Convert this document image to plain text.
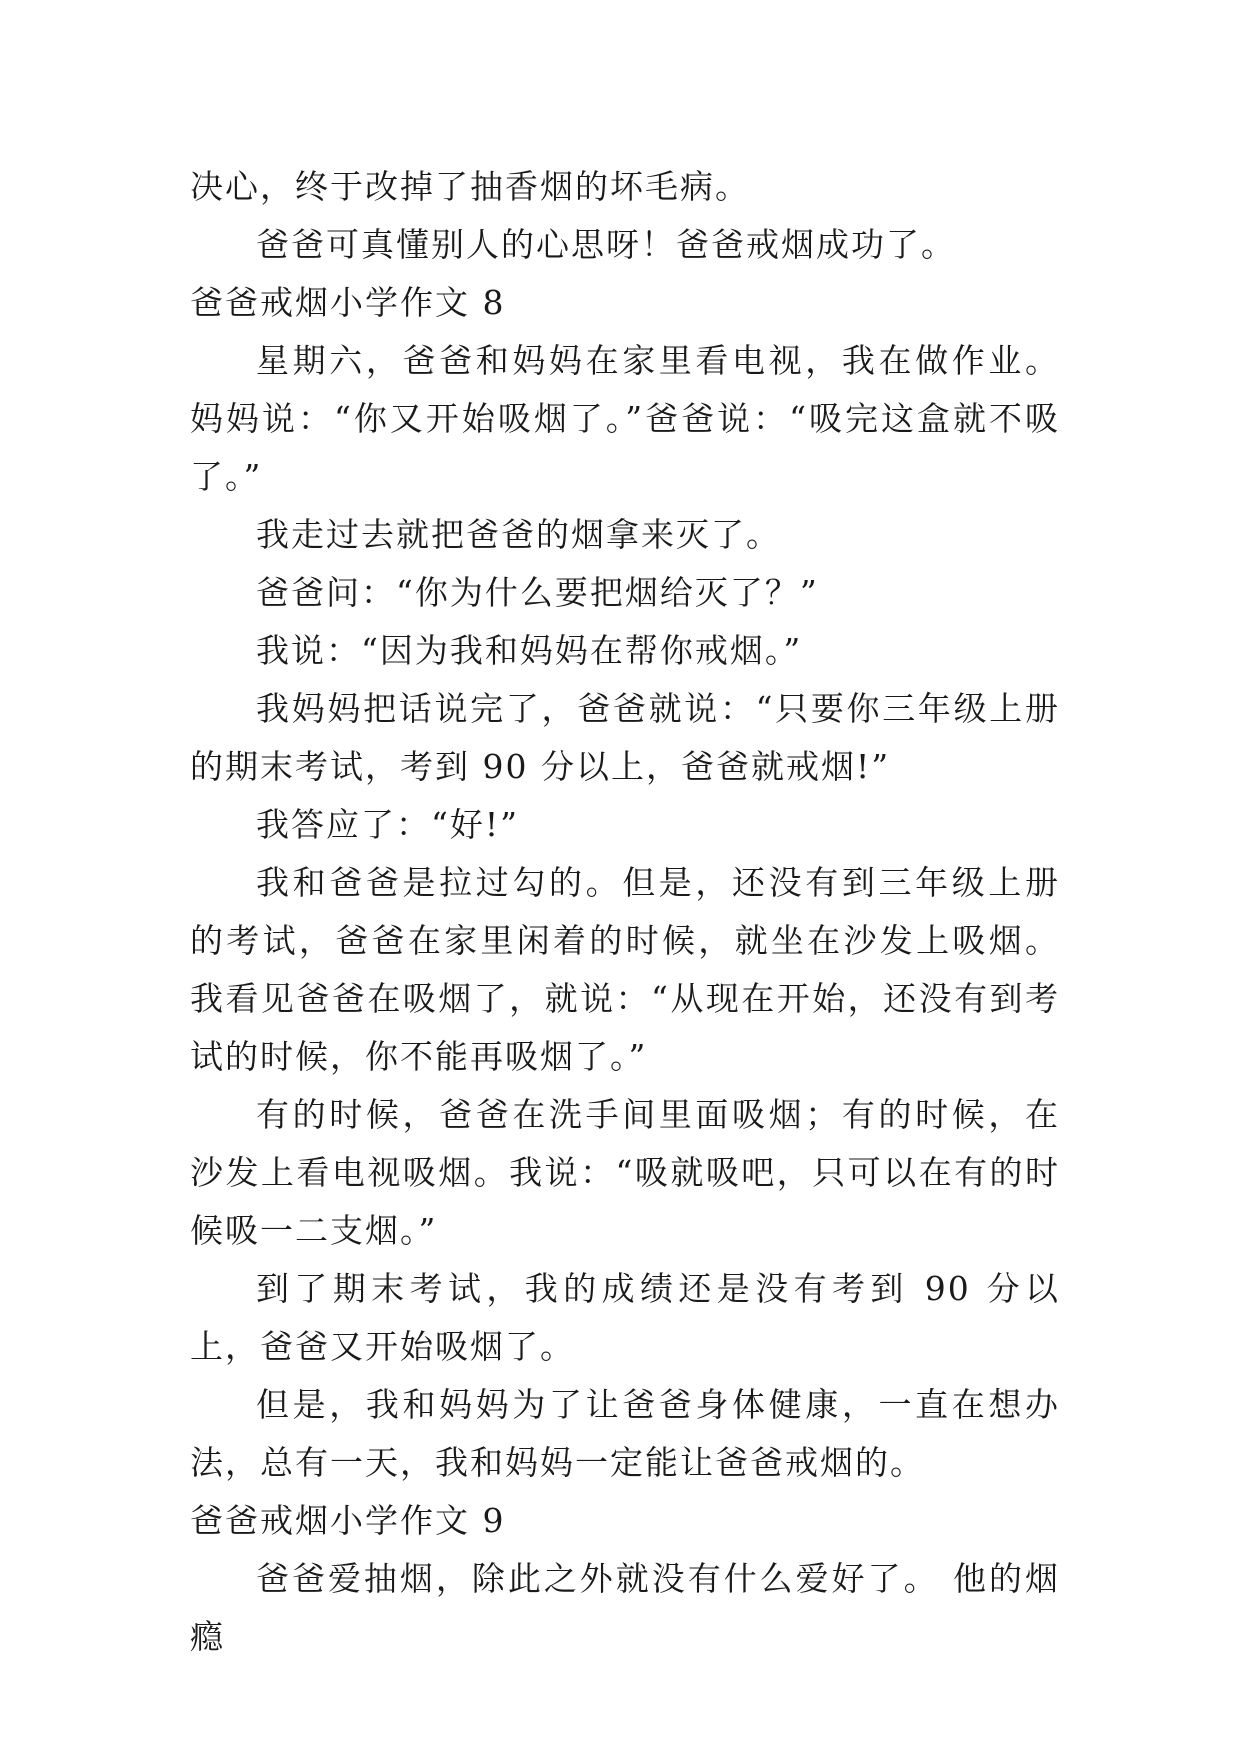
决心，终于改掉了抽香烟的坏毛病。

爸爸可真懂别人的心思呀！爸爸戒烟成功了。

爸爸戒烟小学作文 8

星期六，爸爸和妈妈在家里看电视，我在做作业。妈妈说：“你又开始吸烟了。”爸爸说：“吸完这盒就不吸了。”

我走过去就把爸爸的烟拿来灭了。

爸爸问：“你为什么要把烟给灭了？”

我说：“因为我和妈妈在帮你戒烟。”

我妈妈把话说完了，爸爸就说：“只要你三年级上册的期末考试，考到 90 分以上，爸爸就戒烟!”

我答应了：“好!”

我和爸爸是拉过勾的。但是，还没有到三年级上册的考试，爸爸在家里闲着的时候，就坐在沙发上吸烟。我看见爸爸在吸烟了，就说：“从现在开始，还没有到考试的时候，你不能再吸烟了。”

有的时候，爸爸在洗手间里面吸烟；有的时候，在沙发上看电视吸烟。我说：“吸就吸吧，只可以在有的时候吸一二支烟。”

到了期末考试，我的成绩还是没有考到 90 分以上，爸爸又开始吸烟了。

但是，我和妈妈为了让爸爸身体健康，一直在想办法，总有一天，我和妈妈一定能让爸爸戒烟的。

爸爸戒烟小学作文 9

爸爸爱抽烟，除此之外就没有什么爱好了。 他的烟瘾
